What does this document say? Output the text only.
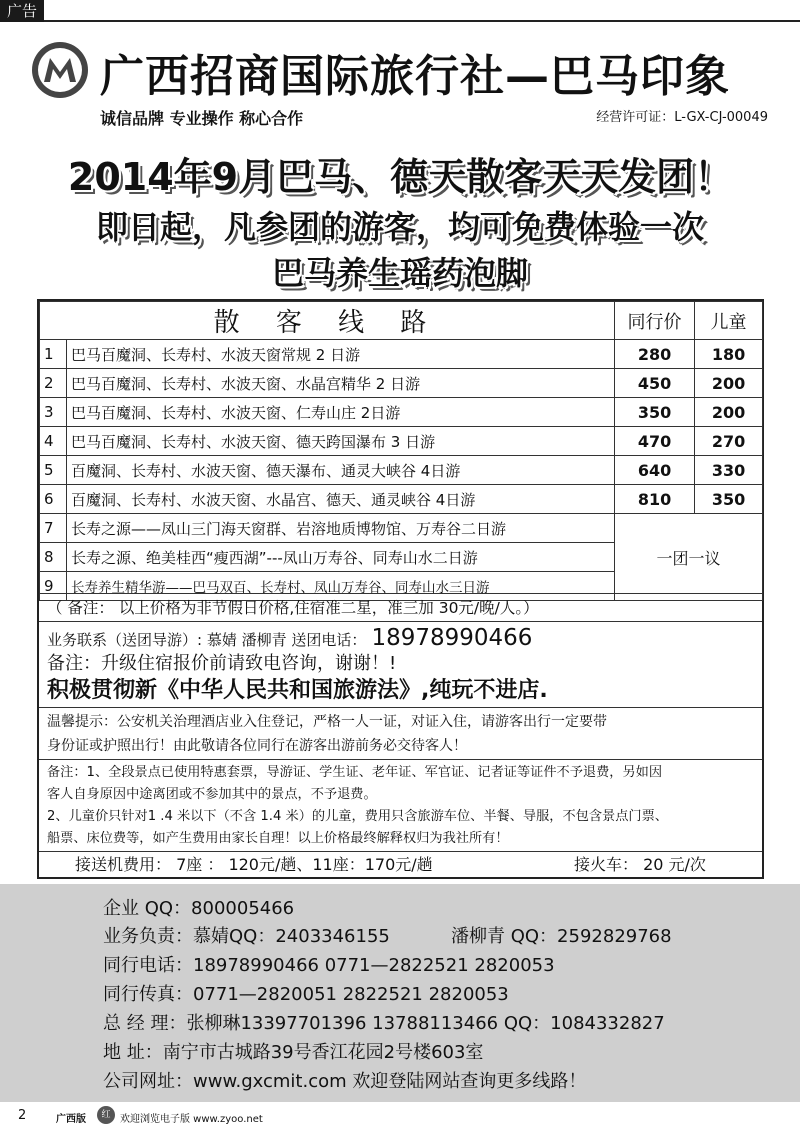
广告
广西招商国际旅行社—巴马印象
诚信品牌 专业操作 称心合作	经营许可证：L-GX-CJ-00049
2014年9月巴马、德天散客天天发团！
即日起，凡参团的游客，均可免费体验一次
巴马养生瑶药泡脚
散 客 线 路		同行价	儿童
1	巴马百魔洞、长寿村、水波天窗常规 2 日游	280	180
2	巴马百魔洞、长寿村、水波天窗、水晶宫精华 2 日游	450	200
3	巴马百魔洞、长寿村、水波天窗、仁寿山庄 2日游	350	200
4	巴马百魔洞、长寿村、水波天窗、德天跨国瀑布 3 日游	470	270
5	百魔洞、长寿村、水波天窗、德天瀑布、通灵大峡谷 4日游	640	330
6	百魔洞、长寿村、水波天窗、水晶宫、德天、通灵峡谷 4日游	810	350
7	长寿之源——凤山三门海天窗群、岩溶地质博物馆、万寿谷二日游	一团一议	
8	长寿之源、绝美桂西“瘦西湖”---凤山万寿谷、同寿山水二日游		
9	长寿养生精华游——巴马双百、长寿村、凤山万寿谷、同寿山水三日游		
（ 备注： 以上价格为非节假日价格,住宿准二星，准三加 30元/晚/人。）
业务联系（送团导游）: 慕婧 潘柳青 送团电话： 18978990466
备注：升级住宿报价前请致电咨询，谢谢！!
积极贯彻新《中华人民共和国旅游法》,纯玩不进店.
温馨提示：公安机关治理酒店业入住登记，严格一人一证，对证入住，请游客出行一定要带
身份证或护照出行！由此敬请各位同行在游客出游前务必交待客人！
备注：1、全段景点已使用特惠套票，导游证、学生证、老年证、军官证、记者证等证件不予退费，另如因
客人自身原因中途离团或不参加其中的景点，不予退费。
2、儿童价只针对1 .4 米以下（不含 1.4 米）的儿童，费用只含旅游车位、半餐、导服，不包含景点门票、
船票、床位费等，如产生费用由家长自理！以上价格最终解释权归为我社所有！
接送机费用： 7座 ： 120元/趟、11座：170元/趟	接火车： 20 元/次
企业 QQ：800005466
业务负责：慕婧QQ：2403346155	潘柳青 QQ：2592829768
同行电话：18978990466 0771—2822521 2820053
同行传真：0771—2820051 2822521 2820053
总 经 理：张柳琳13397701396 13788113466 QQ：1084332827
地 址：南宁市古城路39号香江花园2号楼603室
公司网址：www.gxcmit.com 欢迎登陆网站查询更多线路！
2	广西版	红 欢迎浏览电子版 www.zyoo.net
